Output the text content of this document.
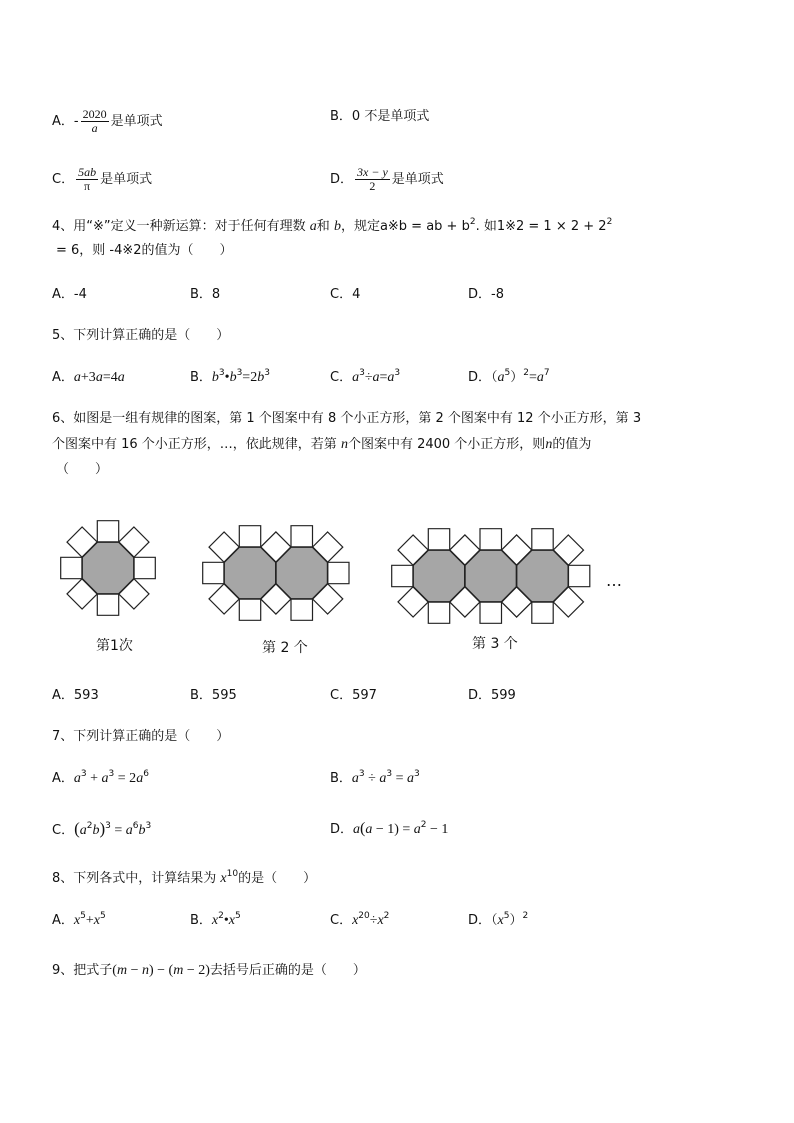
A．- $\frac{2020}{a}$ 是单项式	B．0 不是单项式
C． $\frac{5ab}{\pi}$ 是单项式	D． $\frac{3x - y}{2}$ 是单项式
4、用“※”定义一种新运算：对于任何有理数 a和 b，规定a※b = ab + $b^2$. 如1※2 = $1 \times 2 + 2^2$
= 6，则 -4※2的值为（　　）
A．-4	B．8	C．4	D．-8
5、下列计算正确的是（　　）
A．a+3a=4a	B．$b^3•b^3=2b^3$	C．$a^3\div a=a^3$	D．$(a^5)^2=a^7$
6、如图是一组有规律的图案，第 1 个图案中有 8 个小正方形，第 2 个图案中有 12 个小正方形，第 3
个图案中有 16 个小正方形，…，依此规律，若第 n个图案中有 2400 个小正方形，则n的值为
（　　）
第1次	第 2 个	第 3 个
…
A．593	B．595	C．597	D．599
7、下列计算正确的是（　　）
A．$a^3 + a^3 = 2a^6$	B．$a^3 \div a^3 = a^3$
C．$(a^2b)^3 = a^6b^3$	D．$a(a - 1) = a^2 - 1$
8、下列各式中，计算结果为 $x^{10}$的是（　　）
A．$x^5+x^5$	B．$x^2•x^5$	C．$x^{20}\div x^2$	D．$(x^5)^2$
9、把式子(m − n) − (m − 2)去括号后正确的是（　　）
